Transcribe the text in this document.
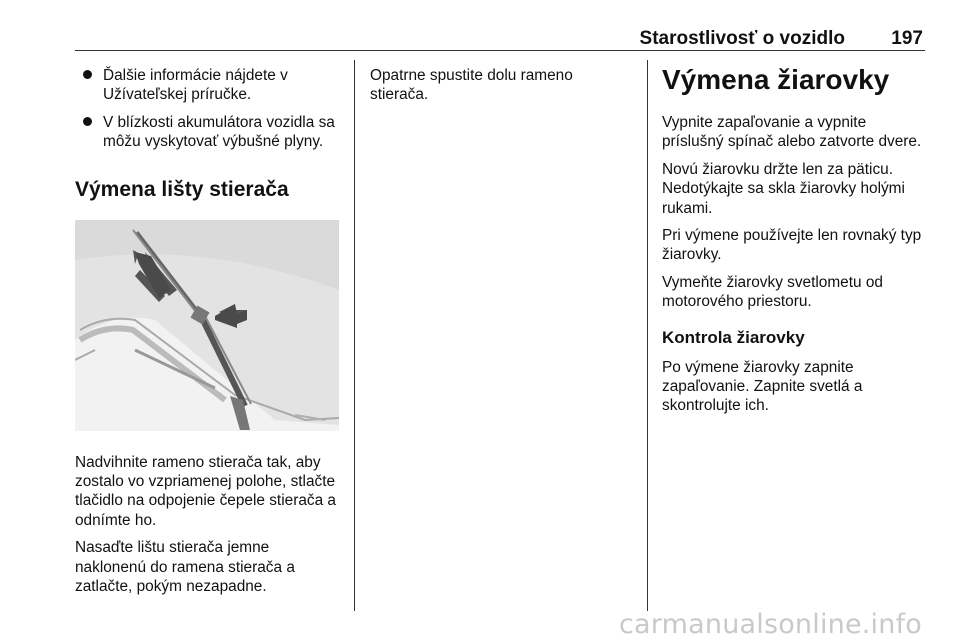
Starostlivosť o vozidlo 197
Ďalšie informácie nájdete v Užívateľskej príručke.
V blízkosti akumulátora vozidla sa môžu vyskytovať výbušné plyny.
Výmena lišty stierača

Nadvihnite rameno stierača tak, aby zostalo vo vzpriamenej polohe, stlačte tlačidlo na odpojenie čepele stierača a odnímte ho.

Nasaďte lištu stierača jemne naklonenú do ramena stierača a zatlačte, pokým nezapadne.

Opatrne spustite dolu rameno stierača.	Výmena žiarovky

Vypnite zapaľovanie a vypnite príslušný spínač alebo zatvorte dvere.

Novú žiarovku držte len za päticu. Nedotýkajte sa skla žiarovky holými rukami.

Pri výmene používejte len rovnaký typ žiarovky.

Vymeňte žiarovky svetlometu od motorového priestoru.

Kontrola žiarovky

Po výmene žiarovky zapnite zapaľovanie. Zapnite svetlá a skontrolujte ich.

carmanualsonline.info
